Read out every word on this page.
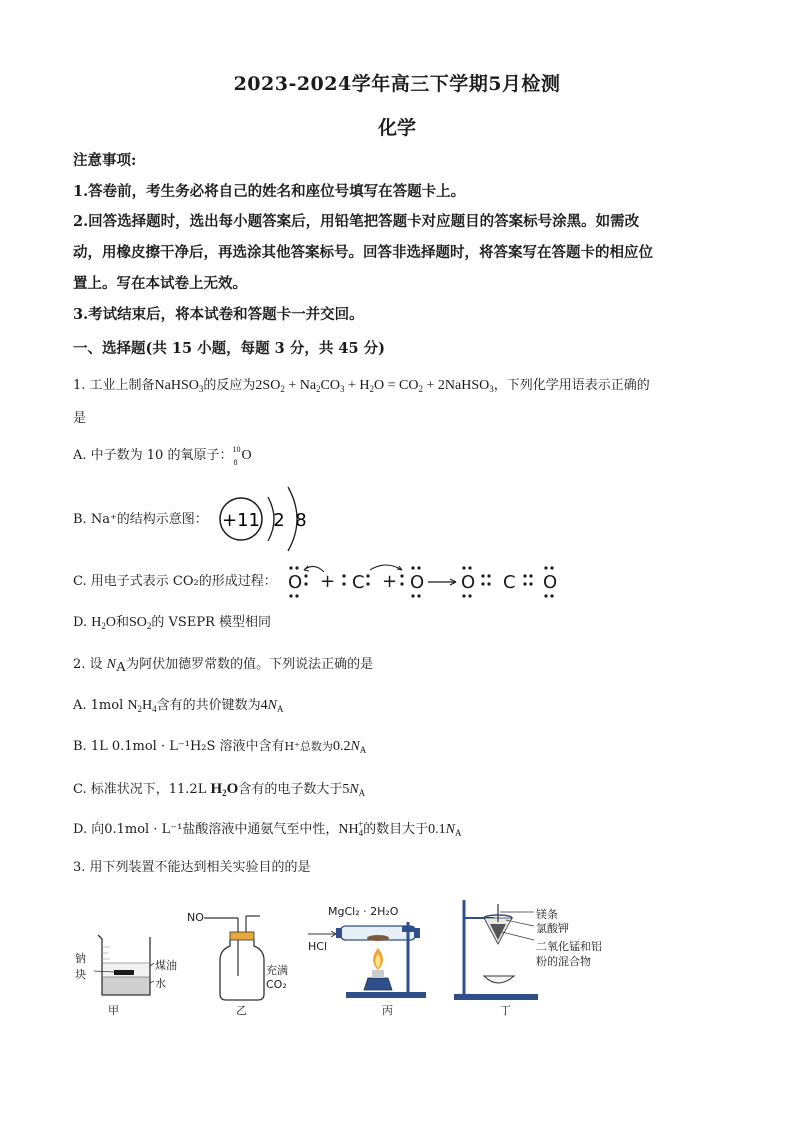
2023-2024学年高三下学期5月检测
化学
注意事项:
1.答卷前，考生务必将自己的姓名和座位号填写在答题卡上。
2.回答选择题时，选出每小题答案后，用铅笔把答题卡对应题目的答案标号涂黑。如需改
动，用橡皮擦干净后，再选涂其他答案标号。回答非选择题时，将答案写在答题卡的相应位
置上。写在本试卷上无效。
3.考试结束后，将本试卷和答题卡一并交回。
一、选择题(共 15 小题，每题 3 分，共 45 分)
1. 工业上制备NaHSO$_3$的反应为$2SO_2 + Na_2CO_3 + H_2O = CO_2$ + 2NaHSO$_3$，下列化学用语表示正确的
是
A. 中子数为 10 的氧原子： 10
8 O
B. Na⁺的结构示意图： +11 2 8
C. 用电子式表示 CO₂的形成过程： O + C + O O C O
D. $H_2O$和$SO_2$的 VSEPR 模型相同
2. 设 $N_A$为阿伏加德罗常数的值。下列说法正确的是
A. 1mol $N_2H_4$含有的共价键数为$4N_A$
B. 1L 0.1mol · L⁻¹H₂S 溶液中含有H⁺总数为$0.2N_A$
C. 标准状况下，11.2L $H_2O$含有的电子数大于$5N_A$
D. 向0.1mol · L⁻¹盐酸溶液中通氨气至中性，$NH_4^+$的数目大于$0.1N_A$
3. 用下列装置不能达到相关实验目的的是
钠
块
煤油
水
甲
NO
充满
CO₂
乙
MgCl₂ · 2H₂O
HCl
丙
镁条
氯酸钾
二氧化锰和铝
粉的混合物
丁
